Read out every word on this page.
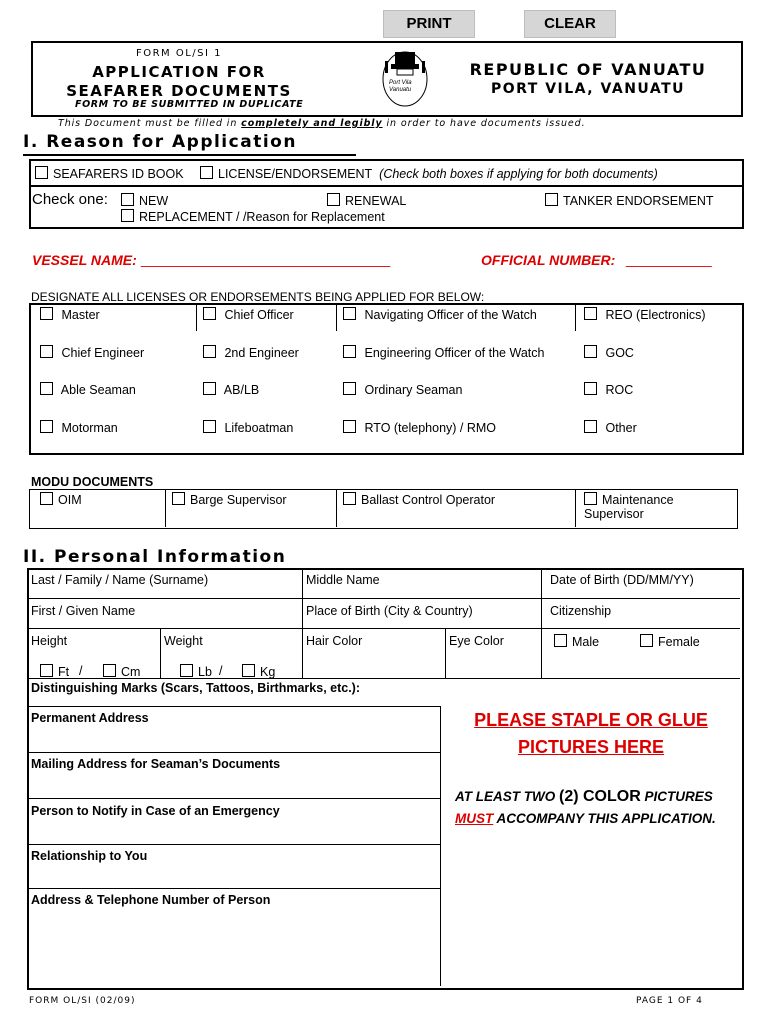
PRINT	CLEAR
FORM OL/SI 1
APPLICATION FOR
SEAFARER DOCUMENTS
FORM TO BE SUBMITTED IN DUPLICATE
Port Vila
Vanuatu
REPUBLIC OF VANUATU
PORT VILA, VANUATU
This Document must be filled in completely and legibly in order to have documents issued.
I. Reason for Application
SEAFARERS ID BOOK	LICENSE/ENDORSEMENT (Check both boxes if applying for both documents)
Check one:	NEW	RENEWAL	TANKER ENDORSEMENT
REPLACEMENT / /Reason for Replacement
VESSEL NAME: ________________________________	OFFICIAL NUMBER: ___________
DESIGNATE ALL LICENSES OR ENDORSEMENTS BEING APPLIED FOR BELOW:
Master	Chief Officer	Navigating Officer of the Watch	REO (Electronics)
Chief Engineer	2nd Engineer	Engineering Officer of the Watch	GOC
Able Seaman	AB/LB	Ordinary Seaman	ROC
Motorman	Lifeboatman	RTO (telephony) / RMO	Other
MODU DOCUMENTS
OIM	Barge Supervisor	Ballast Control Operator	Maintenance
Supervisor
II. Personal Information
Last / Family / Name (Surname)	Middle Name	Date of Birth (DD/MM/YY)
First / Given Name	Place of Birth (City & Country)	Citizenship
Height	Weight	Hair Color	Eye Color	Male	Female
Ft /	Cm	Lb /	Kg
Distinguishing Marks (Scars, Tattoos, Birthmarks, etc.):
Permanent Address
Mailing Address for Seaman’s Documents
Person to Notify in Case of an Emergency
Relationship to You
Address & Telephone Number of Person
PLEASE STAPLE OR GLUE
PICTURES HERE
AT LEAST TWO (2) COLOR PICTURES
MUST ACCOMPANY THIS APPLICATION.
FORM OL/SI (02/09)	PAGE 1 OF 4
